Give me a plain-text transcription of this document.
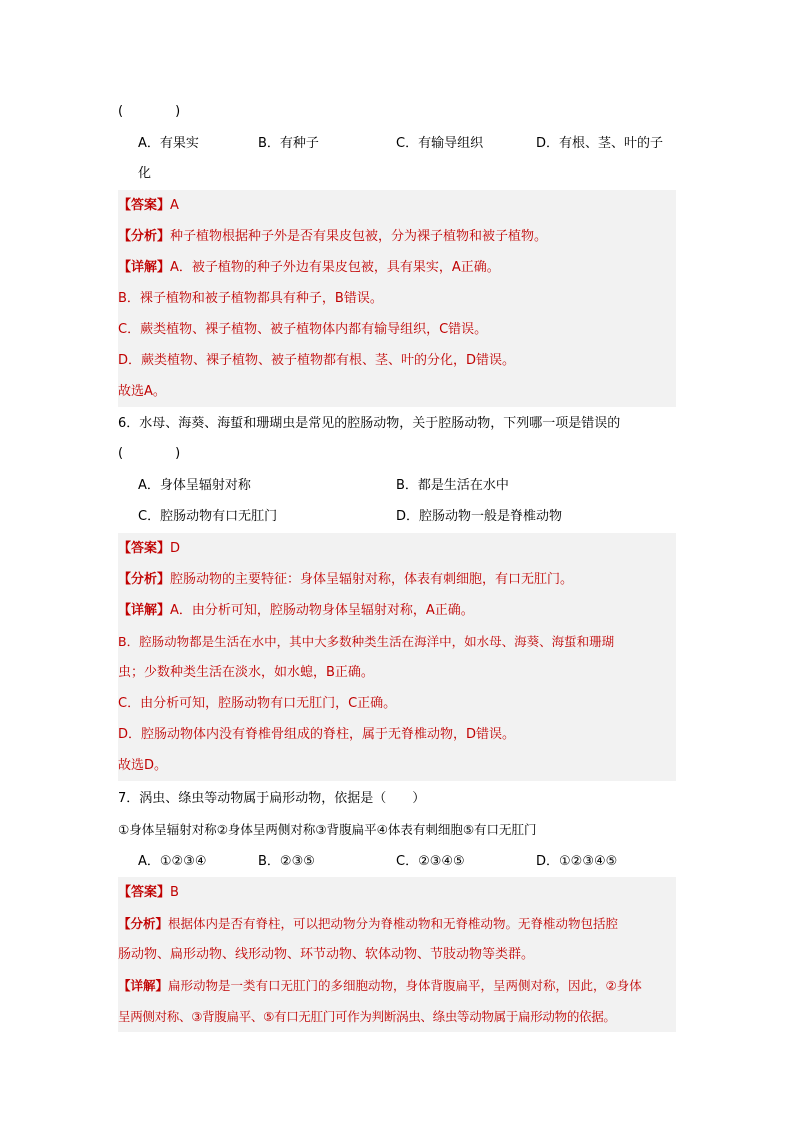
(　　　　)
A．有果实	B．有种子	C．有输导组织	D．有根、茎、叶的子
化
【答案】A
【分析】种子植物根据种子外是否有果皮包被，分为裸子植物和被子植物。
【详解】A．被子植物的种子外边有果皮包被，具有果实，A正确。
B．裸子植物和被子植物都具有种子，B错误。
C．蕨类植物、裸子植物、被子植物体内都有输导组织，C错误。
D．蕨类植物、裸子植物、被子植物都有根、茎、叶的分化，D错误。
故选A。
6．水母、海葵、海蜇和珊瑚虫是常见的腔肠动物，关于腔肠动物，下列哪一项是错误的
(　　　　)
A．身体呈辐射对称	B．都是生活在水中
C．腔肠动物有口无肛门	D．腔肠动物一般是脊椎动物
【答案】D
【分析】腔肠动物的主要特征：身体呈辐射对称，体表有刺细胞，有口无肛门。
【详解】A．由分析可知，腔肠动物身体呈辐射对称，A正确。
B．腔肠动物都是生活在水中，其中大多数种类生活在海洋中，如水母、海葵、海蜇和珊瑚
虫；少数种类生活在淡水，如水螅，B正确。
C．由分析可知，腔肠动物有口无肛门，C正确。
D．腔肠动物体内没有脊椎骨组成的脊柱，属于无脊椎动物，D错误。
故选D。
7．涡虫、绦虫等动物属于扁形动物，依据是（　　）
①身体呈辐射对称②身体呈两侧对称③背腹扁平④体表有刺细胞⑤有口无肛门
A．①②③④	B．②③⑤	C．②③④⑤	D．①②③④⑤
【答案】B
【分析】根据体内是否有脊柱，可以把动物分为脊椎动物和无脊椎动物。无脊椎动物包括腔
肠动物、扁形动物、线形动物、环节动物、软体动物、节肢动物等类群。
【详解】扁形动物是一类有口无肛门的多细胞动物，身体背腹扁平，呈两侧对称，因此，②身体
呈两侧对称、③背腹扁平、⑤有口无肛门可作为判断涡虫、绦虫等动物属于扁形动物的依据。
